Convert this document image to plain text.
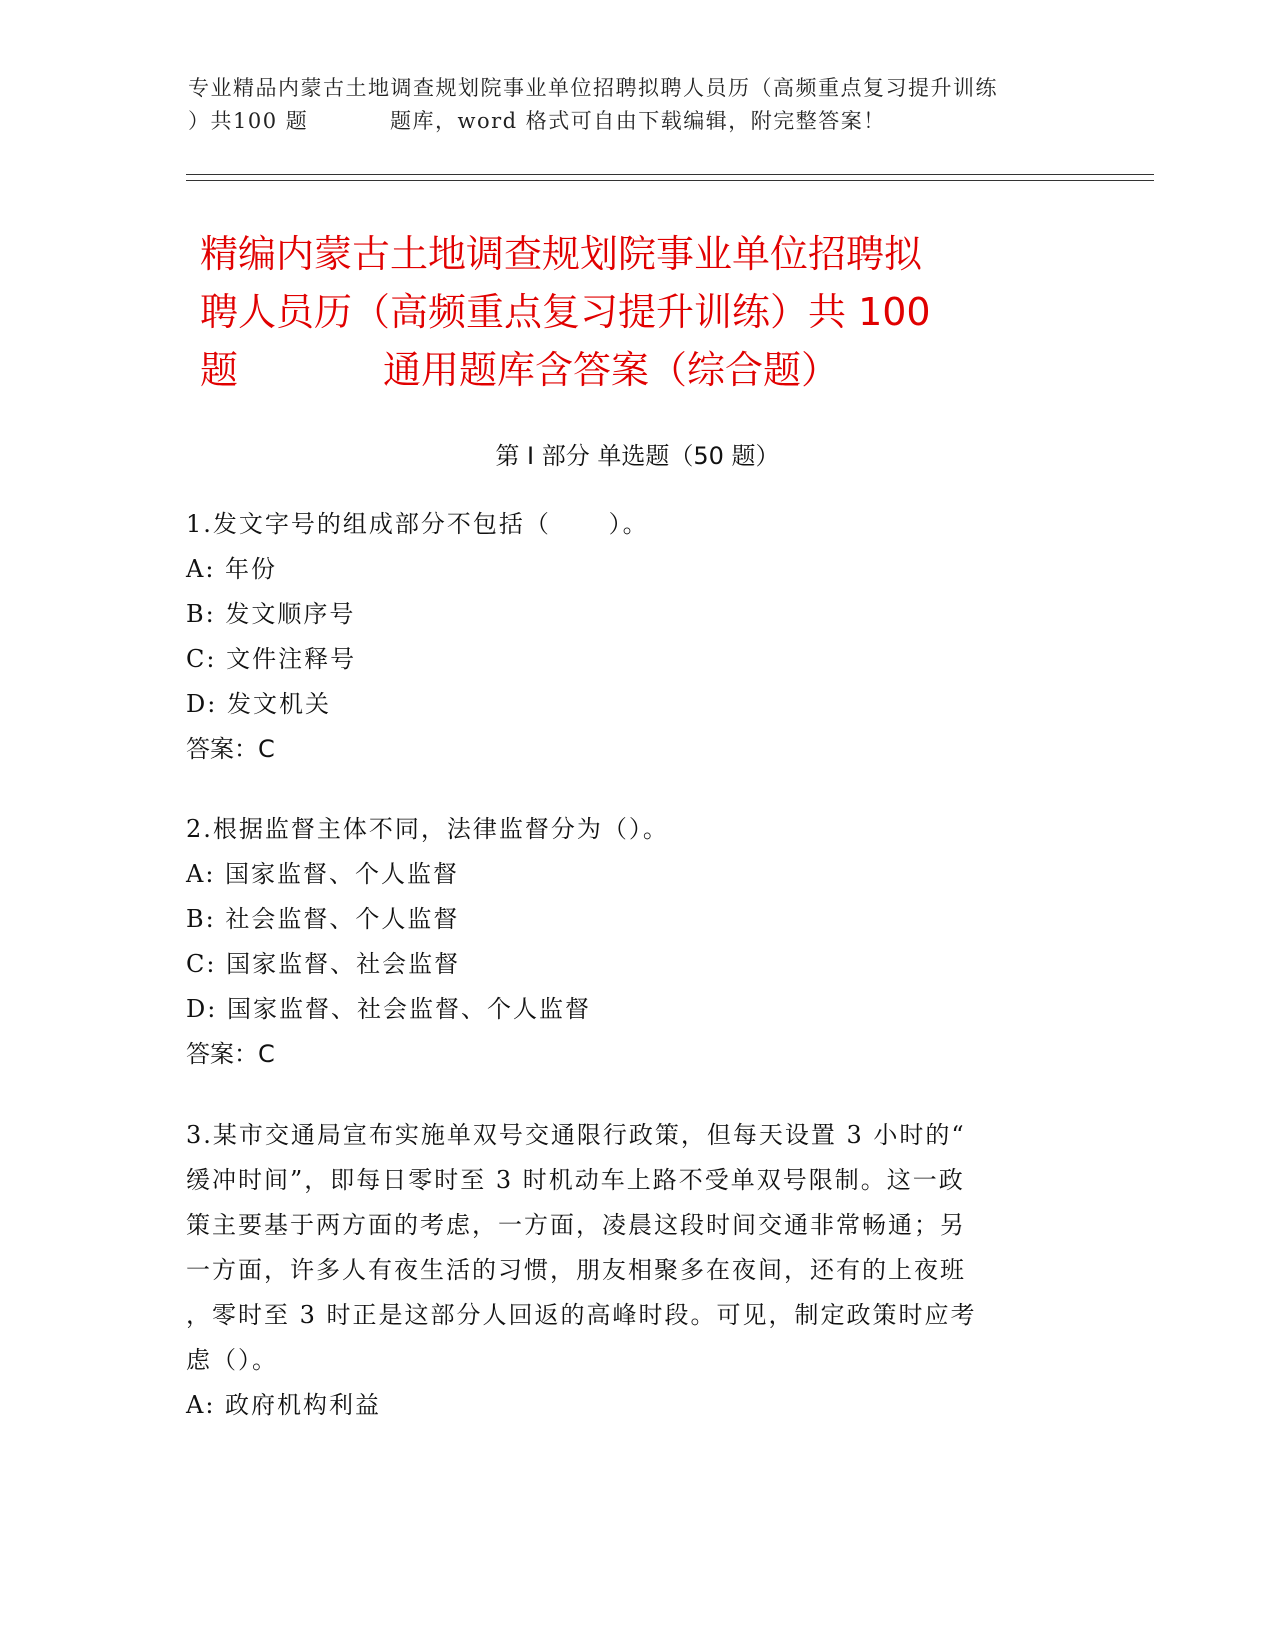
专业精品内蒙古土地调查规划院事业单位招聘拟聘人员历（高频重点复习提升训练
）共100 题          题库，word 格式可自由下载编辑，附完整答案！
精编内蒙古土地调查规划院事业单位招聘拟
聘人员历（高频重点复习提升训练）共 100
题            通用题库含答案（综合题）
第 I 部分 单选题（50 题）
1.发文字号的组成部分不包括（      ）。
A: 年份
B: 发文顺序号
C: 文件注释号
D: 发文机关
答案：C
2.根据监督主体不同，法律监督分为（）。
A: 国家监督、个人监督
B: 社会监督、个人监督
C: 国家监督、社会监督
D: 国家监督、社会监督、个人监督
答案：C
3.某市交通局宣布实施单双号交通限行政策，但每天设置 3 小时的“
缓冲时间”，即每日零时至 3 时机动车上路不受单双号限制。这一政
策主要基于两方面的考虑，一方面，凌晨这段时间交通非常畅通；另
一方面，许多人有夜生活的习惯，朋友相聚多在夜间，还有的上夜班
，零时至 3 时正是这部分人回返的高峰时段。可见，制定政策时应考
虑（）。
A: 政府机构利益
